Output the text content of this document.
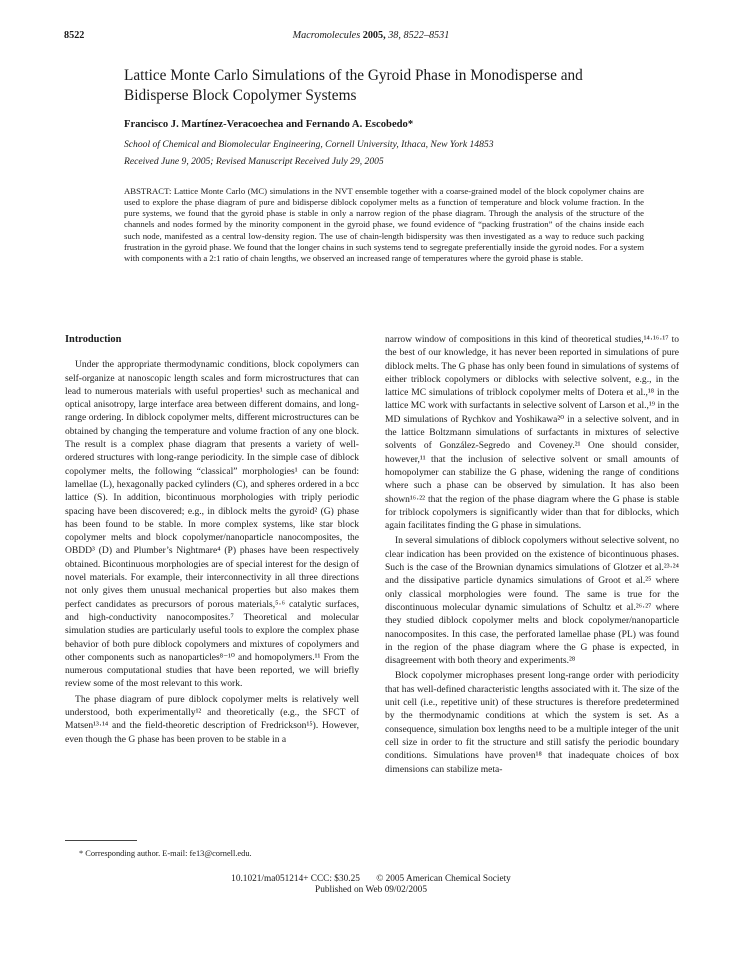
8522	Macromolecules 2005, 38, 8522–8531
Lattice Monte Carlo Simulations of the Gyroid Phase in Monodisperse and Bidisperse Block Copolymer Systems
Francisco J. Martínez-Veracoechea and Fernando A. Escobedo*
School of Chemical and Biomolecular Engineering, Cornell University, Ithaca, New York 14853
Received June 9, 2005; Revised Manuscript Received July 29, 2005
ABSTRACT: Lattice Monte Carlo (MC) simulations in the NVT ensemble together with a coarse-grained model of the block copolymer chains are used to explore the phase diagram of pure and bidisperse diblock copolymer melts as a function of temperature and block volume fraction. In the pure systems, we found that the gyroid phase is stable in only a narrow region of the phase diagram. Through the analysis of the structure of the channels and nodes formed by the minority component in the gyroid phase, we found evidence of “packing frustration” of the chains inside each such node, manifested as a central low-density region. The use of chain-length bidispersity was then investigated as a way to reduce such packing frustration in the gyroid phase. We found that the longer chains in such systems tend to segregate preferentially inside the gyroid nodes. For a system with components with a 2:1 ratio of chain lengths, we observed an increased range of temperatures where the gyroid phase is stable.
Introduction

Under the appropriate thermodynamic conditions, block copolymers can self-organize at nanoscopic length scales and form microstructures that can lead to numerous materials with useful properties¹ such as mechanical and optical anisotropy, large interface area between different domains, and long-range ordering. In diblock copolymer melts, different microstructures can be obtained by changing the temperature and volume fraction of any one block. The result is a complex phase diagram that presents a variety of well-ordered structures with long-range periodicity. In the simple case of diblock copolymer melts, the following “classical” morphologies¹ can be found: lamellae (L), hexagonally packed cylinders (C), and spheres ordered in a bcc lattice (S). In addition, bicontinuous morphologies with triply periodic spacing have been discovered; e.g., in diblock melts the gyroid² (G) phase has been found to be stable. In more complex systems, like star block copolymer melts and block copolymer/nanoparticle nanocomposites, the OBDD³ (D) and Plumber’s Nightmare⁴ (P) phases have been respectively obtained. Bicontinuous morphologies are of special interest for the design of novel materials. For example, their interconnectivity in all three directions not only gives them unusual mechanical properties but also makes them perfect candidates as precursors of porous materials,⁵·⁶ catalytic surfaces, and high-conductivity nanocomposites.⁷ Theoretical and molecular simulation studies are particularly useful tools to explore the complex phase behavior of both pure diblock copolymers and mixtures of copolymers and other components such as nanoparticles⁸⁻¹⁰ and homopolymers.¹¹ From the numerous computational studies that have been reported, we will briefly review some of the most relevant to this work.

The phase diagram of pure diblock copolymer melts is relatively well understood, both experimentally¹² and theoretically (e.g., the SFCT of Matsen¹³·¹⁴ and the field-theoretic description of Fredrickson¹⁵). However, even though the G phase has been proven to be stable in a

narrow window of compositions in this kind of theoretical studies,¹⁴·¹⁶·¹⁷ to the best of our knowledge, it has never been reported in simulations of pure diblock melts. The G phase has only been found in simulations of systems of either triblock copolymers or diblocks with selective solvent, e.g., in the lattice MC simulations of triblock copolymer melts of Dotera et al.,¹⁸ in the lattice MC work with surfactants in selective solvent of Larson et al.,¹⁹ in the MD simulations of Rychkov and Yoshikawa²⁰ in a selective solvent, and in the lattice Boltzmann simulations of surfactants in mixtures of selective solvents of González-Segredo and Coveney.²¹ One should consider, however,¹¹ that the inclusion of selective solvent or small amounts of homopolymer can stabilize the G phase, widening the range of conditions where such a phase can be observed by simulation. It has also been shown¹⁶·²² that the region of the phase diagram where the G phase is stable for triblock copolymers is significantly wider than that for diblocks, which again facilitates finding the G phase in simulations.

In several simulations of diblock copolymers without selective solvent, no clear indication has been provided on the existence of bicontinuous phases. Such is the case of the Brownian dynamics simulations of Glotzer et al.²³·²⁴ and the dissipative particle dynamics simulations of Groot et al.²⁵ where only classical morphologies were found. The same is true for the discontinuous molecular dynamic simulations of Schultz et al.²⁶·²⁷ where they studied diblock copolymer melts and block copolymer/nanoparticle nanocomposites. In this case, the perforated lamellae phase (PL) was found in the region of the phase diagram where the G phase is expected, in disagreement with both theory and experiments.²⁸

Block copolymer microphases present long-range order with periodicity that has well-defined characteristic lengths associated with it. The size of the unit cell (i.e., repetitive unit) of these structures is therefore predetermined by the thermodynamic conditions at which the system is set. As a consequence, simulation box lengths need to be a multiple integer of the unit cell size in order to fit the structure and still satisfy the periodic boundary conditions. Simulations have proven¹⁸ that inadequate choices of box dimensions can stabilize meta-

* Corresponding author. E-mail: fe13@cornell.edu.
10.1021/ma051214+ CCC: $30.25 © 2005 American Chemical Society
Published on Web 09/02/2005
